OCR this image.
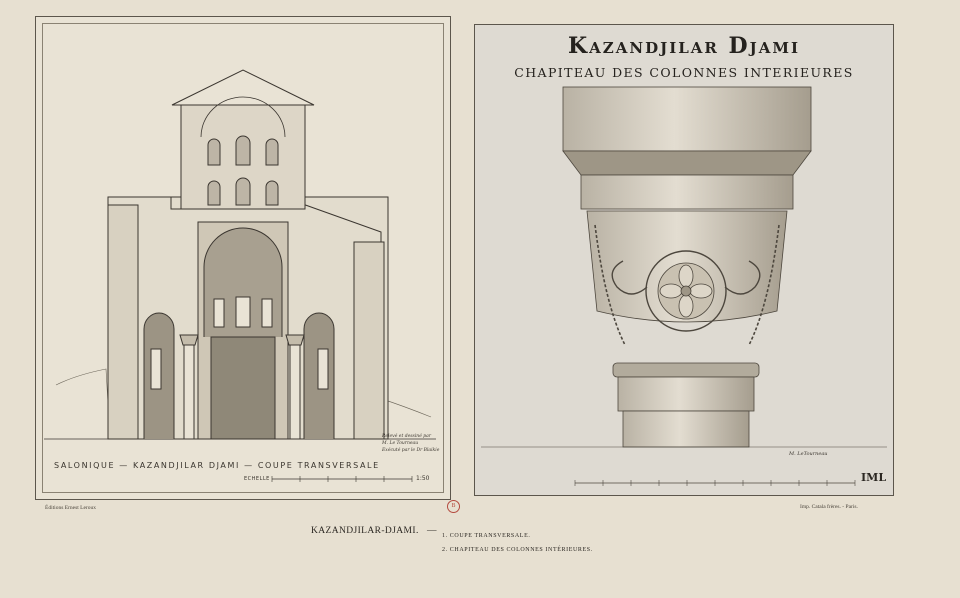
Relevé et dessiné par
M. Le Tourneau
Exécuté par le Dr Blaikie
SALONIQUE — KAZANDJILAR DJAMI — COUPE TRANSVERSALE
ECHELLE	1:50
Kazandjilar Djami
CHAPITEAU DES COLONNES INTERIEURES
M. LeTourneau
IML
Éditions Ernest Leroux	B	Imp. Catala frères. - Paris.
KAZANDJILAR-DJAMI. — 1. COUPE TRANSVERSALE.
2. CHAPITEAU DES COLONNES INTÉRIEURES.
